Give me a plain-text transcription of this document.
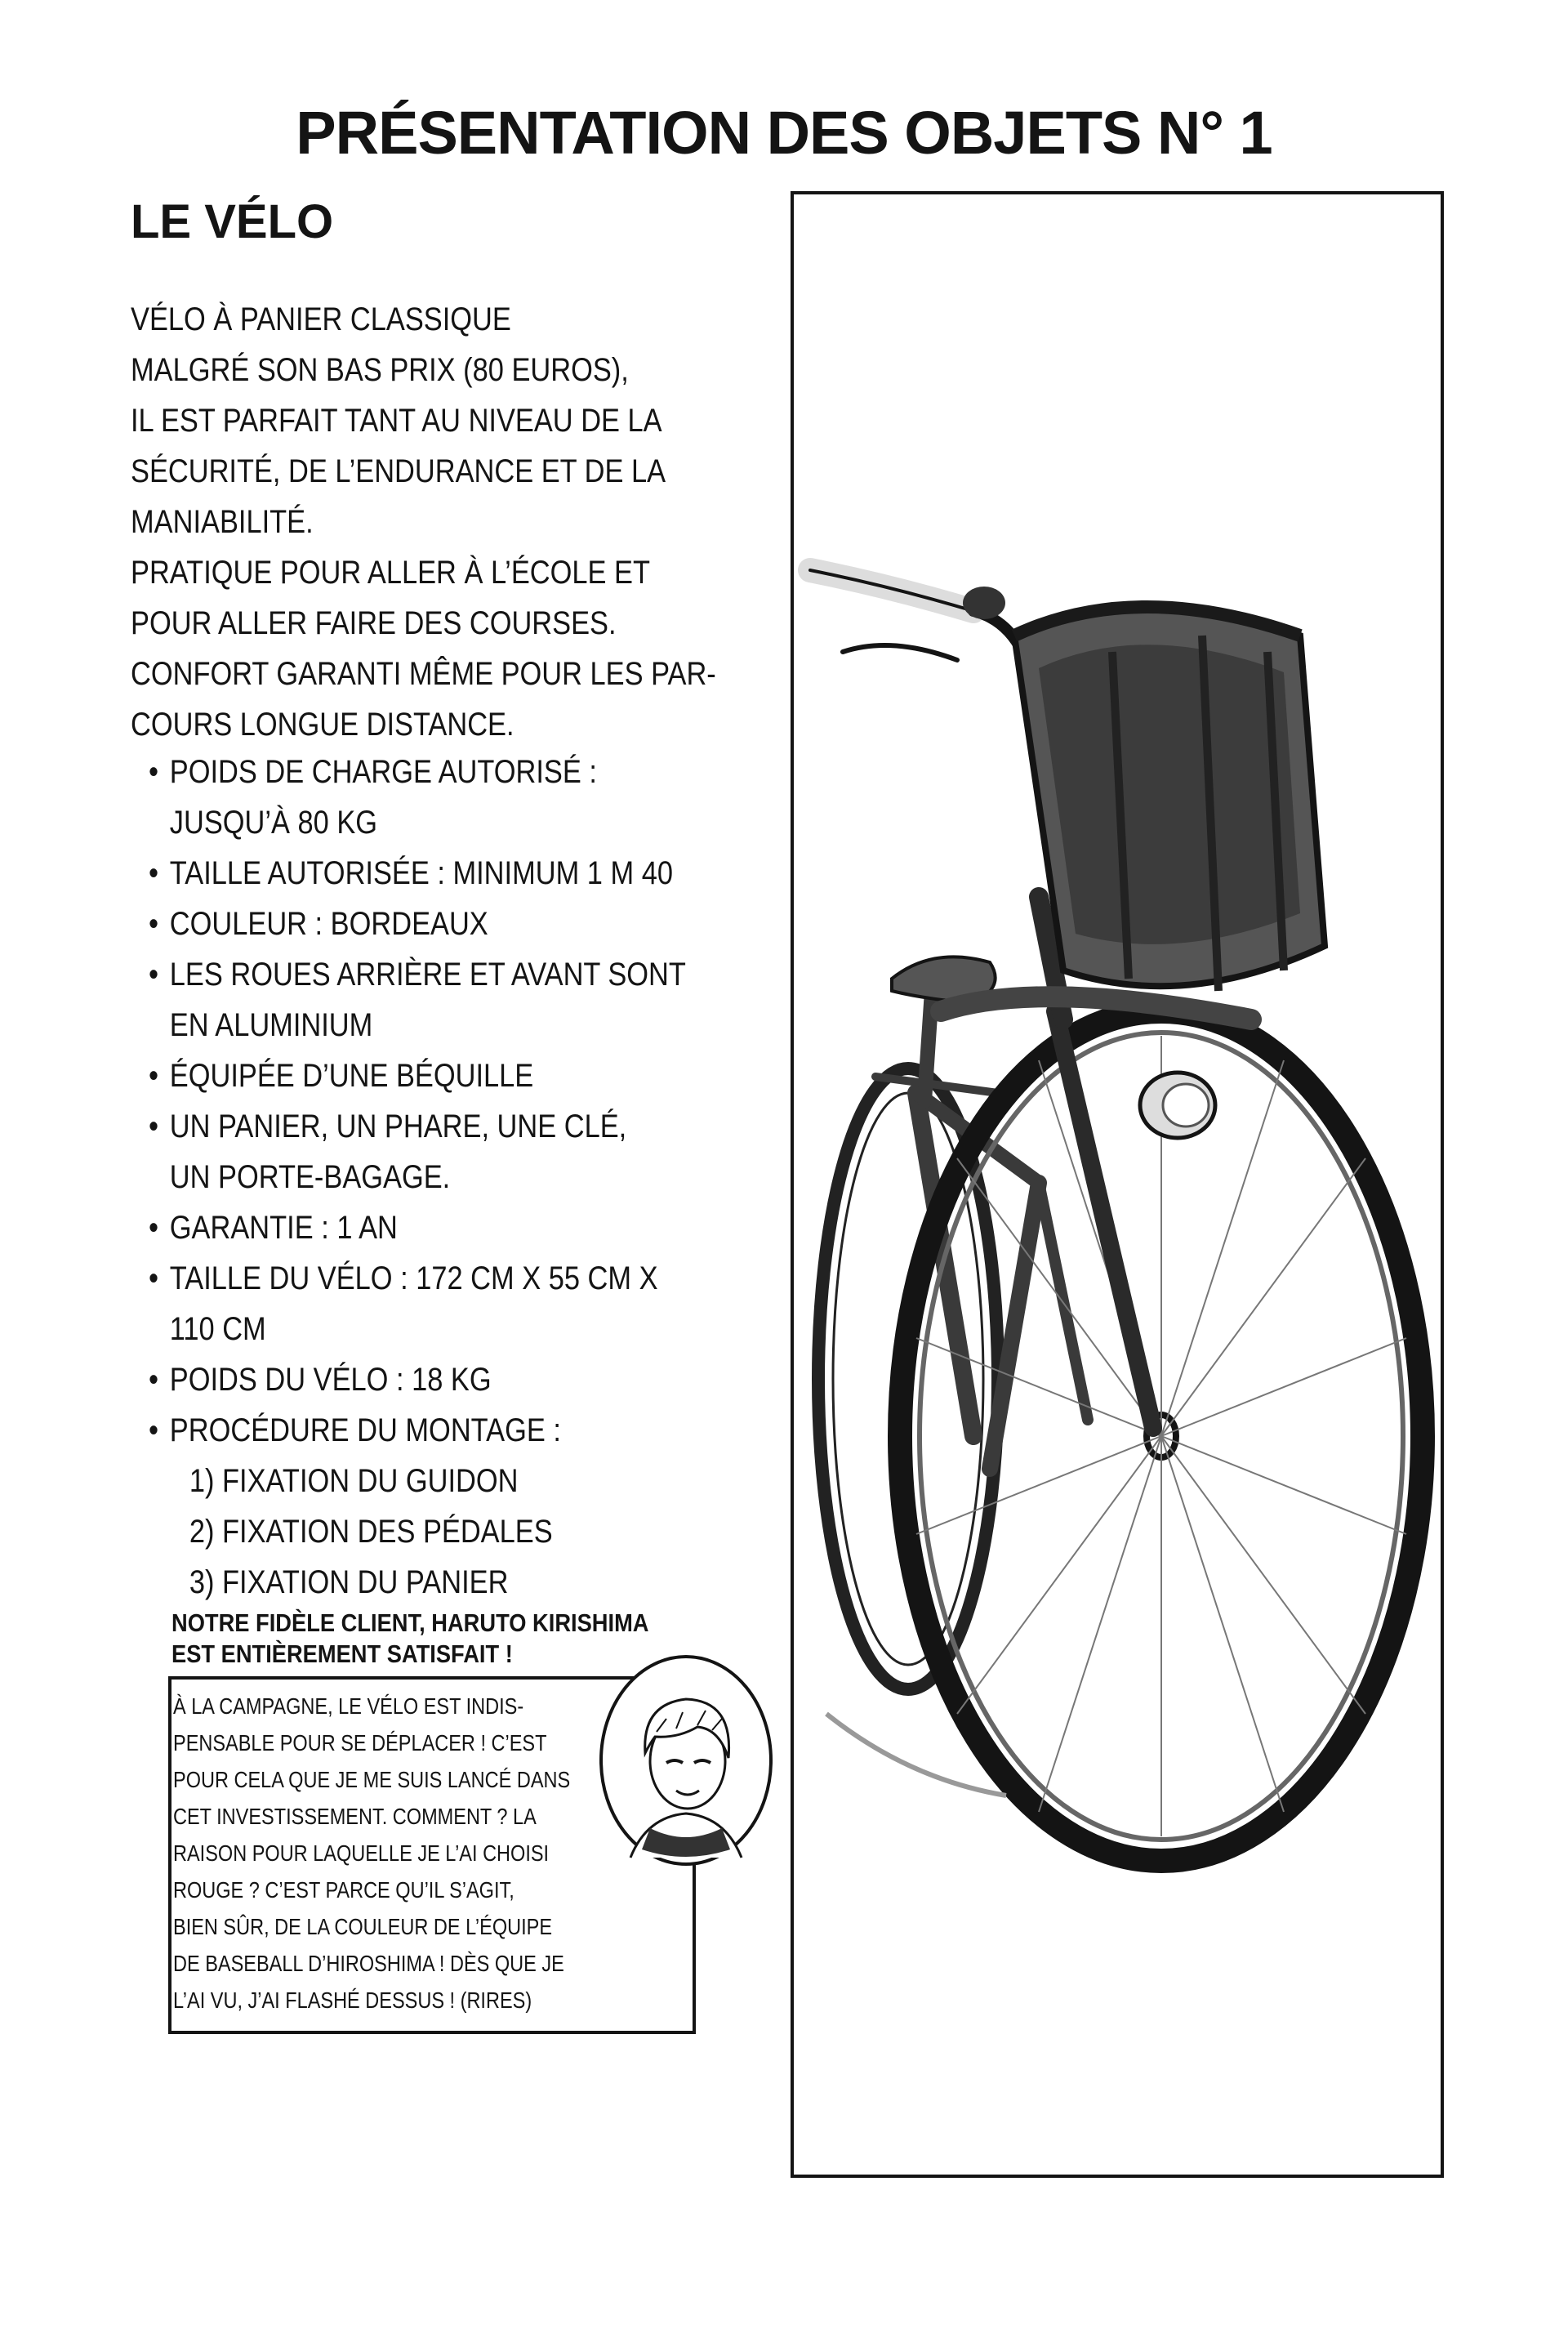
PRÉSENTATION DES OBJETS N° 1
LE VÉLO
VÉLO À PANIER CLASSIQUE
MALGRÉ SON BAS PRIX (80 EUROS),
IL EST PARFAIT TANT AU NIVEAU DE LA
SÉCURITÉ, DE L’ENDURANCE ET DE LA
MANIABILITÉ.
PRATIQUE POUR ALLER À L’ÉCOLE ET
POUR ALLER FAIRE DES COURSES.
CONFORT GARANTI MÊME POUR LES PAR-
COURS LONGUE DISTANCE.
• POIDS DE CHARGE AUTORISÉ :
JUSQU’À 80 KG
• TAILLE AUTORISÉE : MINIMUM 1 M 40
• COULEUR : BORDEAUX
• LES ROUES ARRIÈRE ET AVANT SONT
EN ALUMINIUM
• ÉQUIPÉE D’UNE BÉQUILLE
• UN PANIER, UN PHARE, UNE CLÉ,
UN PORTE-BAGAGE.
• GARANTIE : 1 AN
• TAILLE DU VÉLO : 172 CM X 55 CM X
110 CM
• POIDS DU VÉLO : 18 KG
• PROCÉDURE DU MONTAGE :
1) FIXATION DU GUIDON
2) FIXATION DES PÉDALES
3) FIXATION DU PANIER
NOTRE FIDÈLE CLIENT, HARUTO KIRISHIMA
EST ENTIÈREMENT SATISFAIT !
À LA CAMPAGNE, LE VÉLO EST INDIS-
PENSABLE POUR SE DÉPLACER ! C’EST
POUR CELA QUE JE ME SUIS LANCÉ DANS
CET INVESTISSEMENT. COMMENT ? LA
RAISON POUR LAQUELLE JE L’AI CHOISI
ROUGE ? C’EST PARCE QU’IL S’AGIT,
BIEN SÛR, DE LA COULEUR DE L’ÉQUIPE
DE BASEBALL D’HIROSHIMA ! DÈS QUE JE
L’AI VU, J’AI FLASHÉ DESSUS ! (RIRES)
